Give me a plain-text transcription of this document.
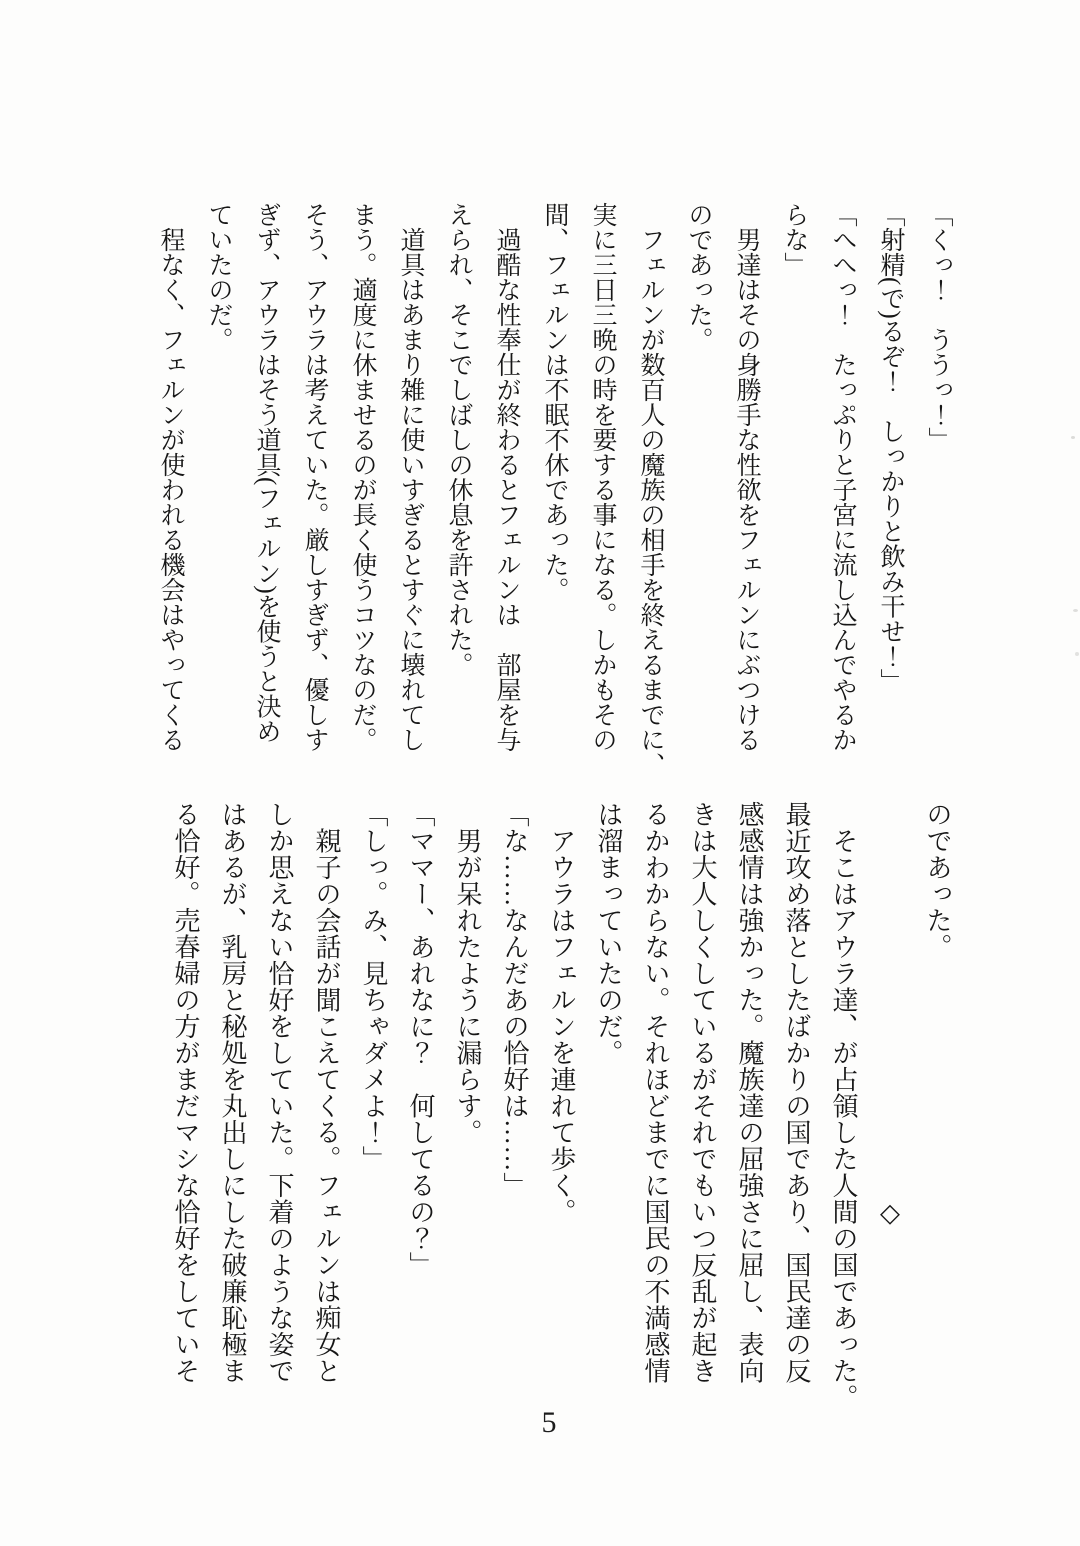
「くっ！　ううっ！」
「射精(で)るぞ！　しっかりと飲み干せ！」
「へへっ！　たっぷりと子宮に流し込んでやるか
らな」
　男達はその身勝手な性欲をフェルンにぶつける
のであった。
　フェルンが数百人の魔族の相手を終えるまでに、
実に三日三晩の時を要する事になる。しかもその
間、フェルンは不眠不休であった。
　過酷な性奉仕が終わるとフェルンは　部屋を与
えられ、そこでしばしの休息を許された。
　道具はあまり雑に使いすぎるとすぐに壊れてし
まう。適度に休ませるのが長く使うコツなのだ。
そう、アウラは考えていた。厳しすぎず、優しす
ぎず、アウラはそう道具(フェルン)を使うと決め
ていたのだ。
　程なく、フェルンが使われる機会はやってくる
のであった。
　　　　　　　　　　　　　　　◇
　そこはアウラ達、が占領した人間の国であった。
最近攻め落としたばかりの国であり、国民達の反
感感情は強かった。魔族達の屈強さに屈し、表向
きは大人しくしているがそれでもいつ反乱が起き
るかわからない。それほどまでに国民の不満感情
は溜まっていたのだ。
　アウラはフェルンを連れて歩く。
「な……なんだあの恰好は……」
　男が呆れたように漏らす。
「ママー、あれなに？　何してるの？」
「しっ。み、見ちゃダメよ！」
　親子の会話が聞こえてくる。フェルンは痴女と
しか思えない恰好をしていた。下着のような姿で
はあるが、乳房と秘処を丸出しにした破廉恥極ま
る恰好。売春婦の方がまだマシな恰好をしていそ
5
